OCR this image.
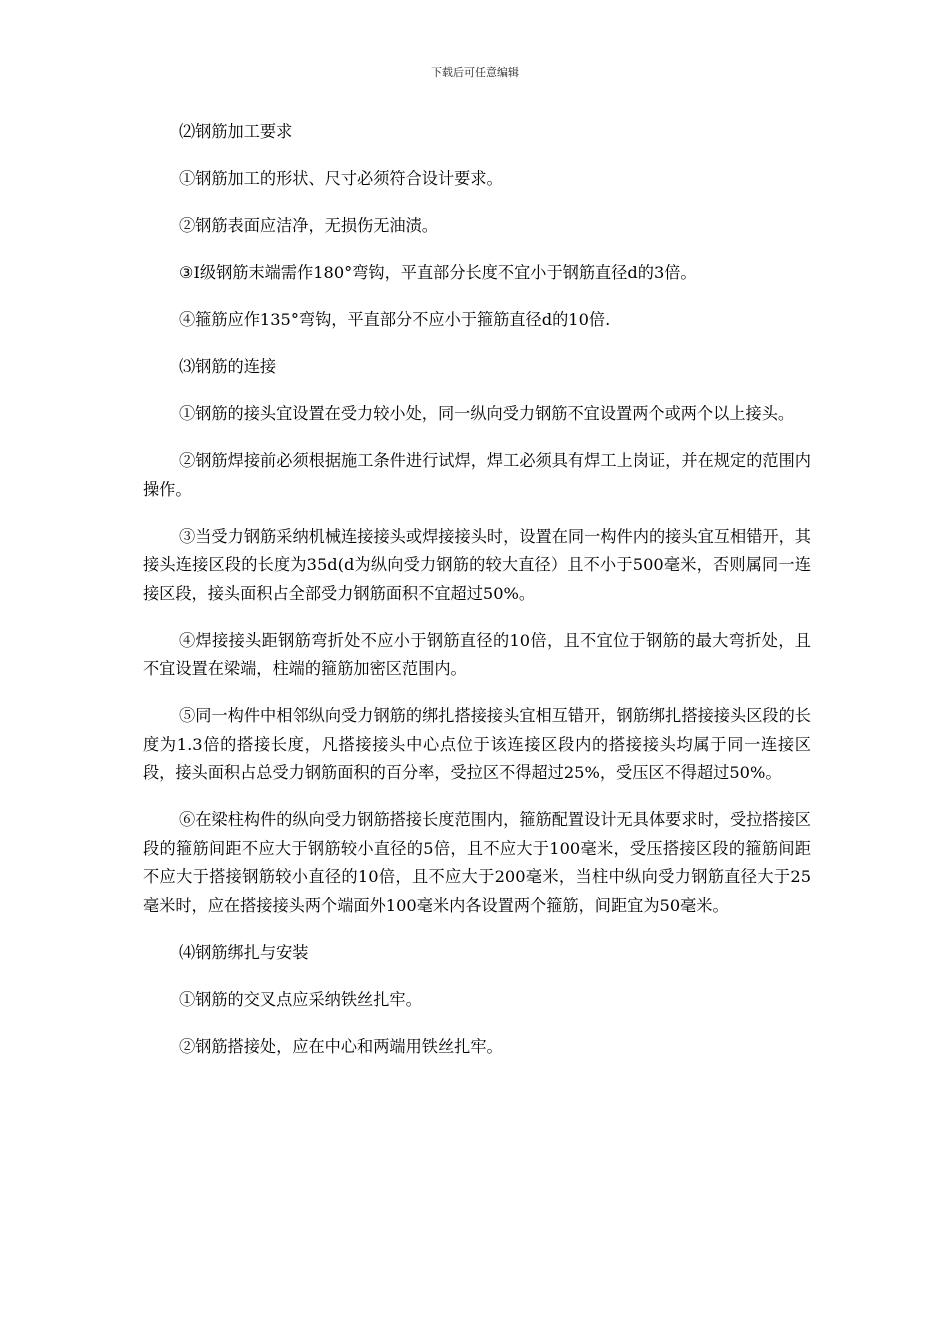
下载后可任意编辑

⑵钢筋加工要求

①钢筋加工的形状、尺寸必须符合设计要求。

②钢筋表面应洁净，无损伤无油渍。

③Ⅰ级钢筋末端需作180°弯钩，平直部分长度不宜小于钢筋直径d的3倍。

④箍筋应作135°弯钩，平直部分不应小于箍筋直径d的10倍.

⑶钢筋的连接

①钢筋的接头宜设置在受力较小处，同一纵向受力钢筋不宜设置两个或两个以上接头。

②钢筋焊接前必须根据施工条件进行试焊，焊工必须具有焊工上岗证，并在规定的范围内操作。

③当受力钢筋采纳机械连接接头或焊接接头时，设置在同一构件内的接头宜互相错开，其接头连接区段的长度为35d(d为纵向受力钢筋的较大直径）且不小于500毫米，否则属同一连接区段，接头面积占全部受力钢筋面积不宜超过50%。

④焊接接头距钢筋弯折处不应小于钢筋直径的10倍，且不宜位于钢筋的最大弯折处，且不宜设置在梁端，柱端的箍筋加密区范围内。

⑤同一构件中相邻纵向受力钢筋的绑扎搭接接头宜相互错开，钢筋绑扎搭接接头区段的长度为1.3倍的搭接长度，凡搭接接头中心点位于该连接区段内的搭接接头均属于同一连接区段，接头面积占总受力钢筋面积的百分率，受拉区不得超过25%，受压区不得超过50%。

⑥在梁柱构件的纵向受力钢筋搭接长度范围内，箍筋配置设计无具体要求时，受拉搭接区段的箍筋间距不应大于钢筋较小直径的5倍，且不应大于100毫米，受压搭接区段的箍筋间距不应大于搭接钢筋较小直径的10倍，且不应大于200毫米，当柱中纵向受力钢筋直径大于25毫米时，应在搭接接头两个端面外100毫米内各设置两个箍筋，间距宜为50毫米。

⑷钢筋绑扎与安装

①钢筋的交叉点应采纳铁丝扎牢。

②钢筋搭接处，应在中心和两端用铁丝扎牢。
